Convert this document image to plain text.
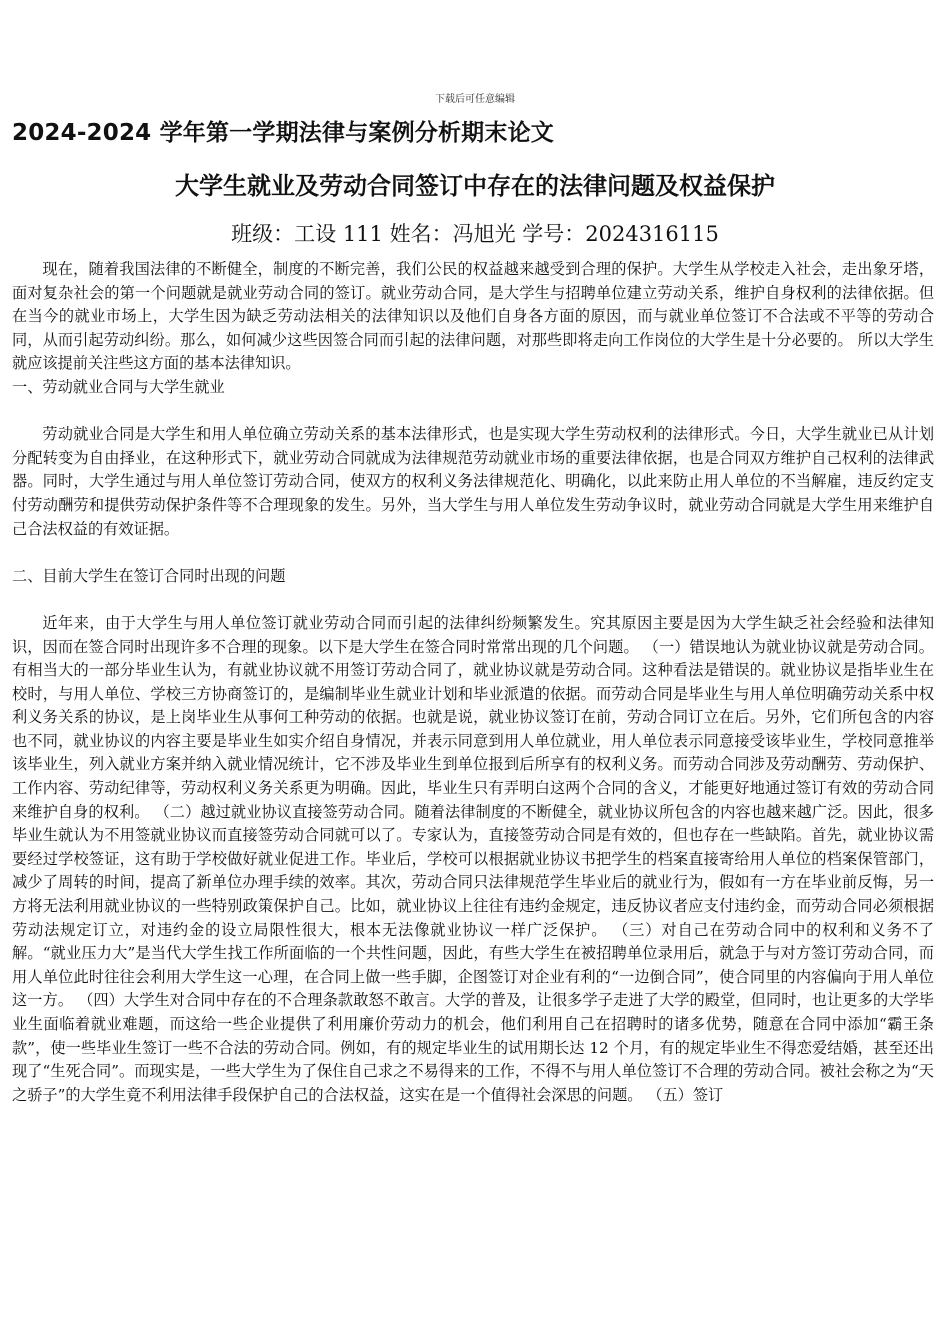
下载后可任意编辑
2024-2024 学年第一学期法律与案例分析期末论文
大学生就业及劳动合同签订中存在的法律问题及权益保护
班级：工设 111 姓名：冯旭光 学号：2024316115

现在，随着我国法律的不断健全，制度的不断完善，我们公民的权益越来越受到合理的保护。大学生从学校走入社会，走出象牙塔，面对复杂社会的第一个问题就是就业劳动合同的签订。就业劳动合同，是大学生与招聘单位建立劳动关系，维护自身权利的法律依据。但在当今的就业市场上，大学生因为缺乏劳动法相关的法律知识以及他们自身各方面的原因，而与就业单位签订不合法或不平等的劳动合同，从而引起劳动纠纷。那么，如何减少这些因签合同而引起的法律问题，对那些即将走向工作岗位的大学生是十分必要的。 所以大学生就应该提前关注些这方面的基本法律知识。

一、劳动就业合同与大学生就业

劳动就业合同是大学生和用人单位确立劳动关系的基本法律形式，也是实现大学生劳动权利的法律形式。今日，大学生就业已从计划分配转变为自由择业，在这种形式下，就业劳动合同就成为法律规范劳动就业市场的重要法律依据，也是合同双方维护自己权利的法律武器。同时，大学生通过与用人单位签订劳动合同，使双方的权利义务法律规范化、明确化，以此来防止用人单位的不当解雇，违反约定支付劳动酬劳和提供劳动保护条件等不合理现象的发生。另外，当大学生与用人单位发生劳动争议时，就业劳动合同就是大学生用来维护自己合法权益的有效证据。

二、目前大学生在签订合同时出现的问题

近年来，由于大学生与用人单位签订就业劳动合同而引起的法律纠纷频繁发生。究其原因主要是因为大学生缺乏社会经验和法律知识，因而在签合同时出现许多不合理的现象。以下是大学生在签合同时常常出现的几个问题。 （一）错误地认为就业协议就是劳动合同。有相当大的一部分毕业生认为，有就业协议就不用签订劳动合同了，就业协议就是劳动合同。这种看法是错误的。就业协议是指毕业生在校时，与用人单位、学校三方协商签订的，是编制毕业生就业计划和毕业派遣的依据。而劳动合同是毕业生与用人单位明确劳动关系中权利义务关系的协议，是上岗毕业生从事何工种劳动的依据。也就是说，就业协议签订在前，劳动合同订立在后。另外，它们所包含的内容也不同，就业协议的内容主要是毕业生如实介绍自身情况，并表示同意到用人单位就业，用人单位表示同意接受该毕业生，学校同意推举该毕业生，列入就业方案并纳入就业情况统计，它不涉及毕业生到单位报到后所享有的权利义务。而劳动合同涉及劳动酬劳、劳动保护、工作内容、劳动纪律等，劳动权利义务关系更为明确。因此，毕业生只有弄明白这两个合同的含义，才能更好地通过签订有效的劳动合同来维护自身的权利。 （二）越过就业协议直接签劳动合同。随着法律制度的不断健全，就业协议所包含的内容也越来越广泛。因此，很多毕业生就认为不用签就业协议而直接签劳动合同就可以了。专家认为，直接签劳动合同是有效的，但也存在一些缺陷。首先，就业协议需要经过学校签证，这有助于学校做好就业促进工作。毕业后，学校可以根据就业协议书把学生的档案直接寄给用人单位的档案保管部门，减少了周转的时间，提高了新单位办理手续的效率。其次，劳动合同只法律规范学生毕业后的就业行为，假如有一方在毕业前反悔，另一方将无法利用就业协议的一些特别政策保护自己。比如，就业协议上往往有违约金规定，违反协议者应支付违约金，而劳动合同必须根据劳动法规定订立，对违约金的设立局限性很大，根本无法像就业协议一样广泛保护。 （三）对自己在劳动合同中的权利和义务不了解。“就业压力大”是当代大学生找工作所面临的一个共性问题，因此，有些大学生在被招聘单位录用后，就急于与对方签订劳动合同，而用人单位此时往往会利用大学生这一心理，在合同上做一些手脚，企图签订对企业有利的“一边倒合同”，使合同里的内容偏向于用人单位这一方。 （四）大学生对合同中存在的不合理条款敢怒不敢言。大学的普及，让很多学子走进了大学的殿堂，但同时，也让更多的大学毕业生面临着就业难题，而这给一些企业提供了利用廉价劳动力的机会，他们利用自己在招聘时的诸多优势，随意在合同中添加“霸王条款”，使一些毕业生签订一些不合法的劳动合同。例如，有的规定毕业生的试用期长达 12 个月，有的规定毕业生不得恋爱结婚，甚至还出现了“生死合同”。而现实是，一些大学生为了保住自己求之不易得来的工作，不得不与用人单位签订不合理的劳动合同。被社会称之为“天之骄子”的大学生竟不利用法律手段保护自己的合法权益，这实在是一个值得社会深思的问题。 （五）签订
